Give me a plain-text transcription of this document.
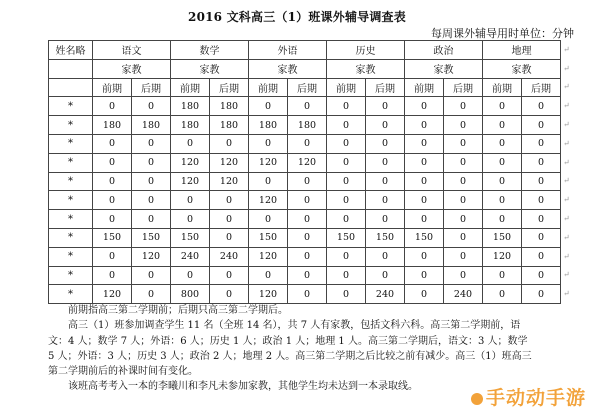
2016 文科高三（1）班课外辅导调查表
每周课外辅导用时单位：分钟
姓名略	语文		数学		外语		历史		政治		地理	
	家教		家教		家教		家教		家教		家教	
	前期	后期	前期	后期	前期	后期	前期	后期	前期	后期	前期	后期
*	0	0	180	180	0	0	0	0	0	0	0	0
*	180	180	180	180	180	180	0	0	0	0	0	0
*	0	0	0	0	0	0	0	0	0	0	0	0
*	0	0	120	120	120	120	0	0	0	0	0	0
*	0	0	120	120	0	0	0	0	0	0	0	0
*	0	0	0	0	120	0	0	0	0	0	0	0
*	0	0	0	0	0	0	0	0	0	0	0	0
*	150	150	150	0	150	0	150	150	150	0	150	0
*	0	120	240	240	120	0	0	0	0	0	120	0
*	0	0	0	0	0	0	0	0	0	0	0	0
*	120	0	800	0	120	0	0	240	0	240	0	0

前期指高三第二学期前；后期只高三第二学期后。

高三（1）班参加调查学生 11 名（全班 14 名），共 7 人有家教，包括文科六科。高三第二学期前，语

文：4 人；数学 7 人；外语：6 人；历史 1 人；政治 1 人；地理 1 人。高三第二学期后，语文：3 人；数学

5 人；外语：3 人；历史 3 人；政治 2 人；地理 2 人。高三第二学期之后比较之前有减少。高三（1）班高三

第二学期前后的补课时间有变化。

该班高考考入一本的李曦川和李凡未参加家教，其他学生均未达到一本录取线。

手动动手游
↵
↵
↵
↵
↵
↵
↵
↵
↵
↵
↵
↵
↵
↵
